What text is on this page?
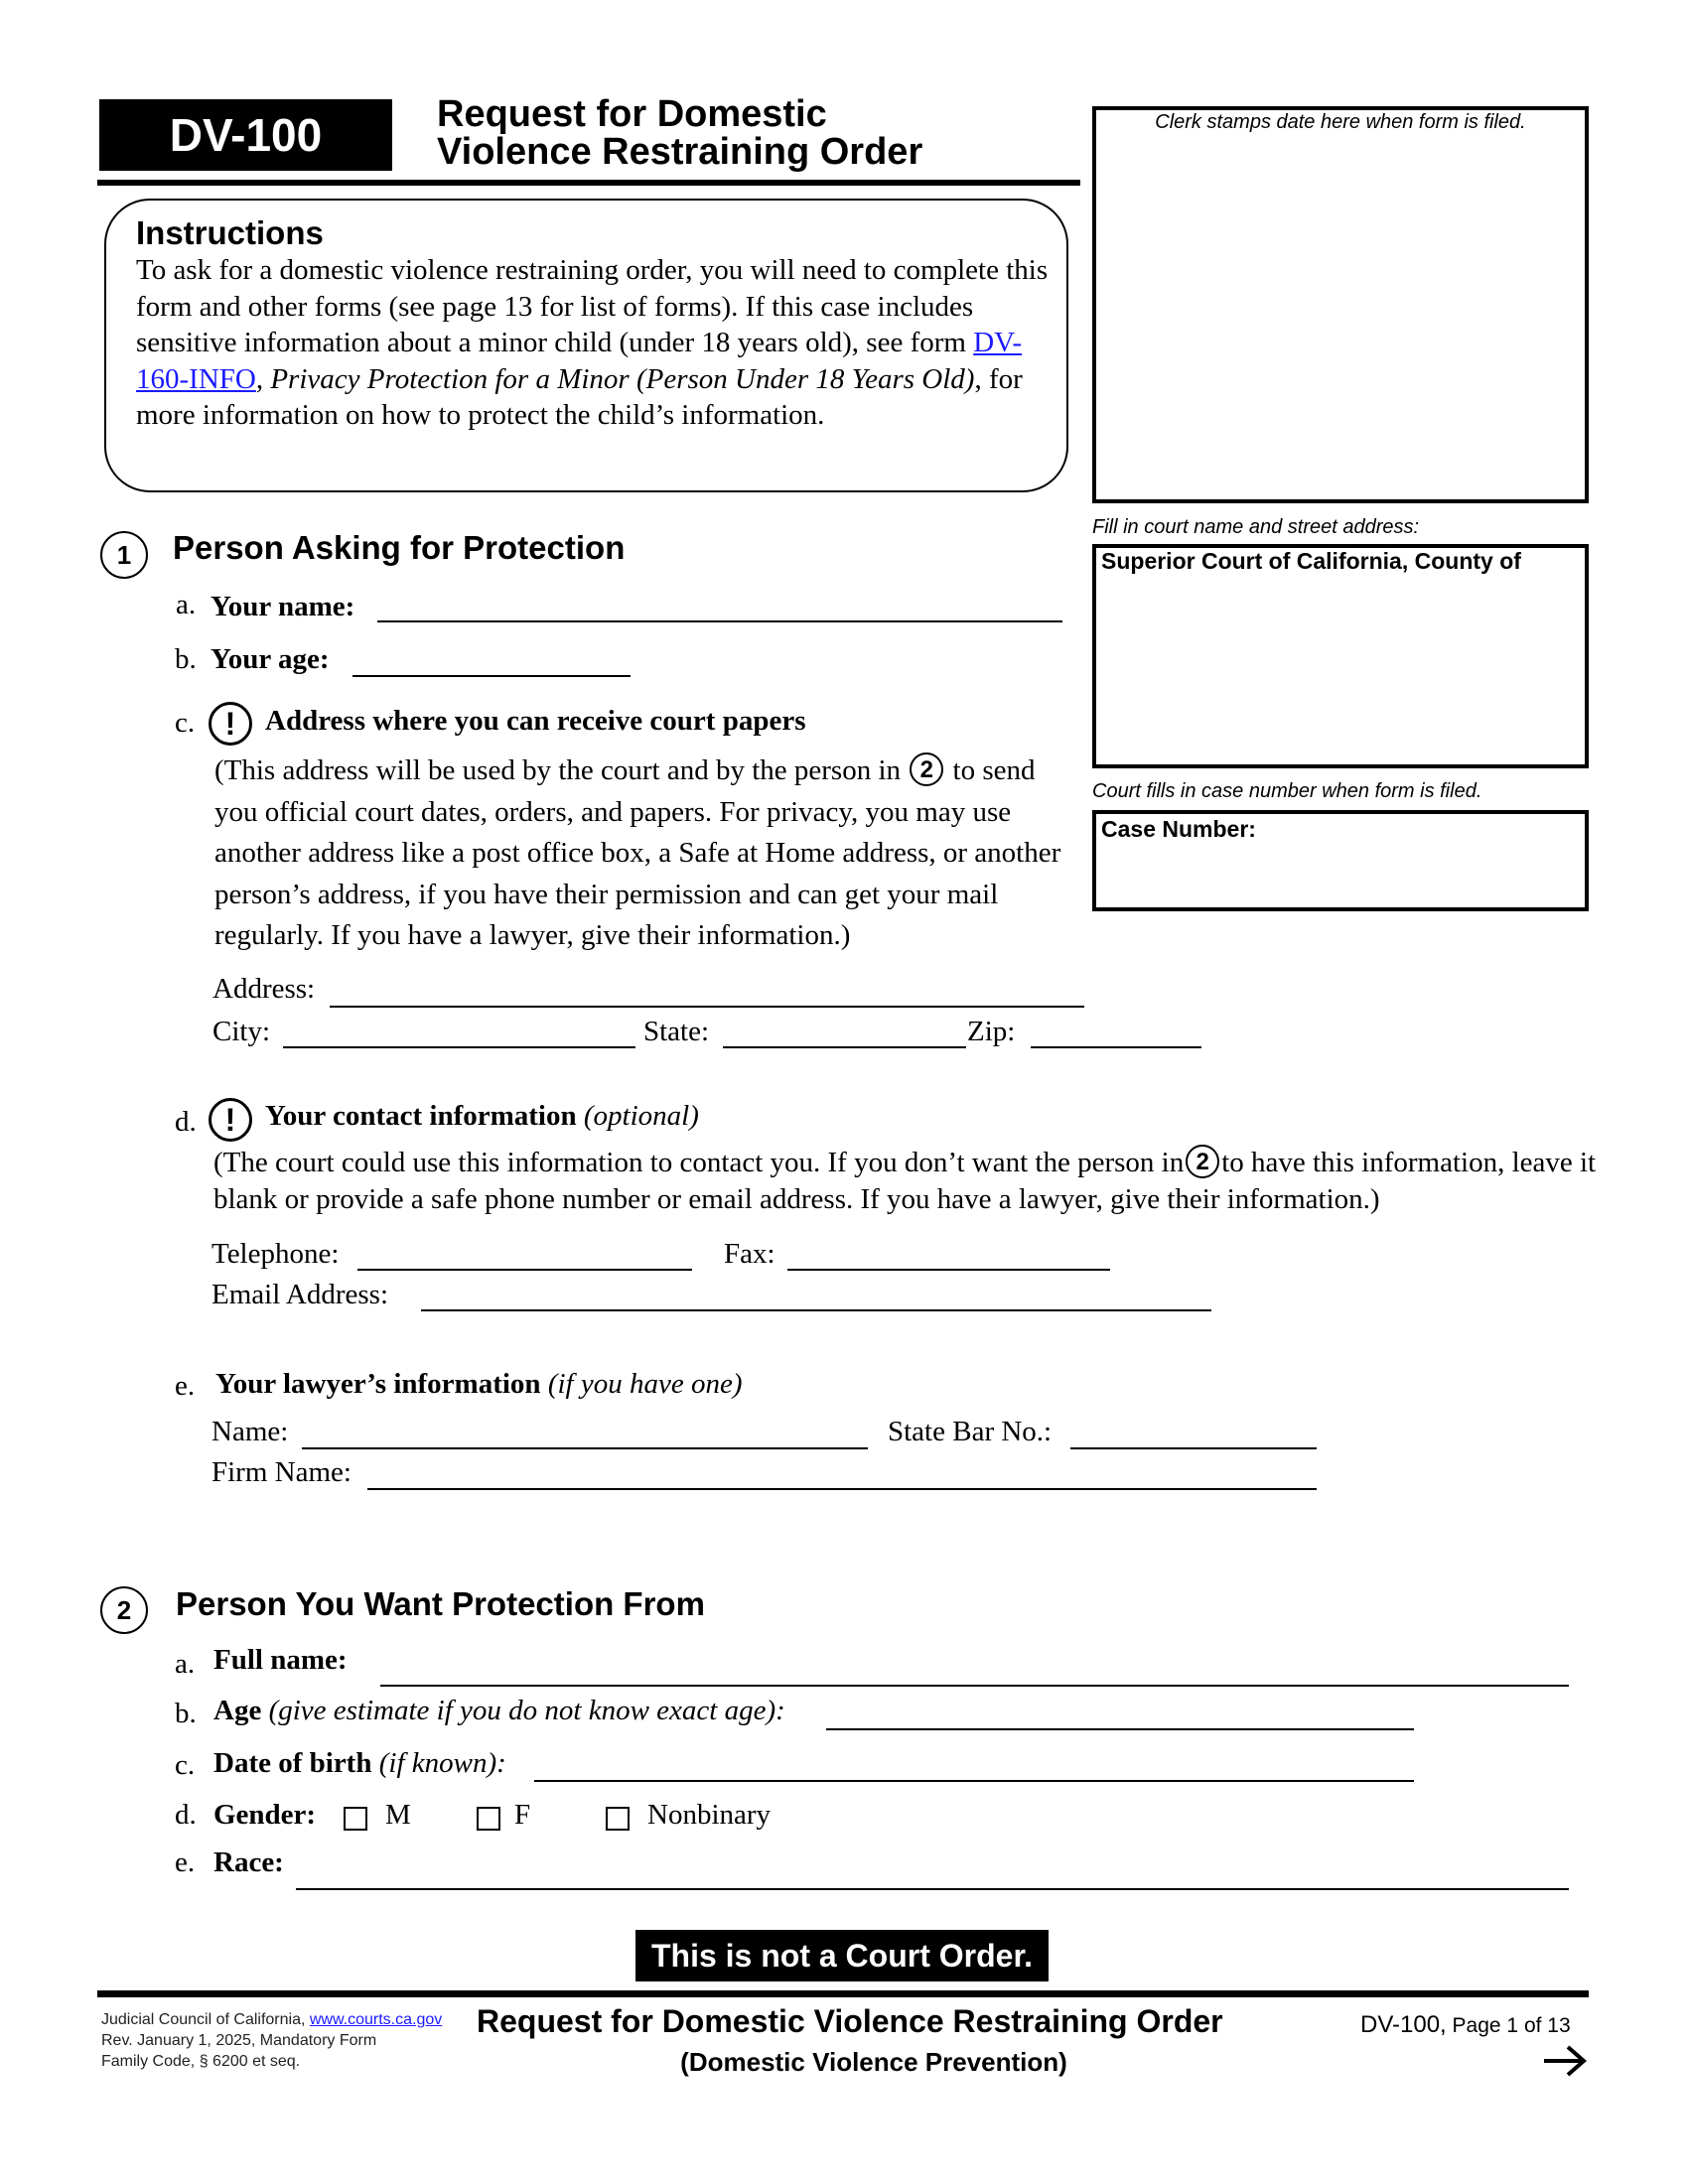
DV-100	Request for Domestic
Violence Restraining Order
Instructions
To ask for a domestic violence restraining order, you will need to complete this form and other forms (see page 13 for list of forms). If this case includes sensitive information about a minor child (under 18 years old), see form DV-160-INFO, Privacy Protection for a Minor (Person Under 18 Years Old), for more information on how to protect the child’s information.
Clerk stamps date here when form is filed.
Fill in court name and street address:
Superior Court of California, County of
Court fills in case number when form is filed.
Case Number:
1	Person Asking for Protection
a. Your name:
b. Your age:
c. !	Address where you can receive court papers
(This address will be used by the court and by the person in 2 to send you official court dates, orders, and papers. For privacy, you may use another address like a post office box, a Safe at Home address, or another person’s address, if you have their permission and can get your mail regularly. If you have a lawyer, give their information.)
Address:
City:	State:	Zip:
d. !	Your contact information (optional)
(The court could use this information to contact you. If you don’t want the person in 2 to have this information, leave it blank or provide a safe phone number or email address. If you have a lawyer, give their information.)
Telephone:	Fax:
Email Address:
e. Your lawyer’s information (if you have one)
Name:	State Bar No.:
Firm Name:
2	Person You Want Protection From
a. Full name:
b. Age (give estimate if you do not know exact age):
c. Date of birth (if known):
d. Gender: M	F	Nonbinary
e. Race:
This is not a Court Order.
Judicial Council of California, www.courts.ca.gov
Rev. January 1, 2025, Mandatory Form
Family Code, § 6200 et seq.
Request for Domestic Violence Restraining Order
(Domestic Violence Prevention)
DV-100, Page 1 of 13
